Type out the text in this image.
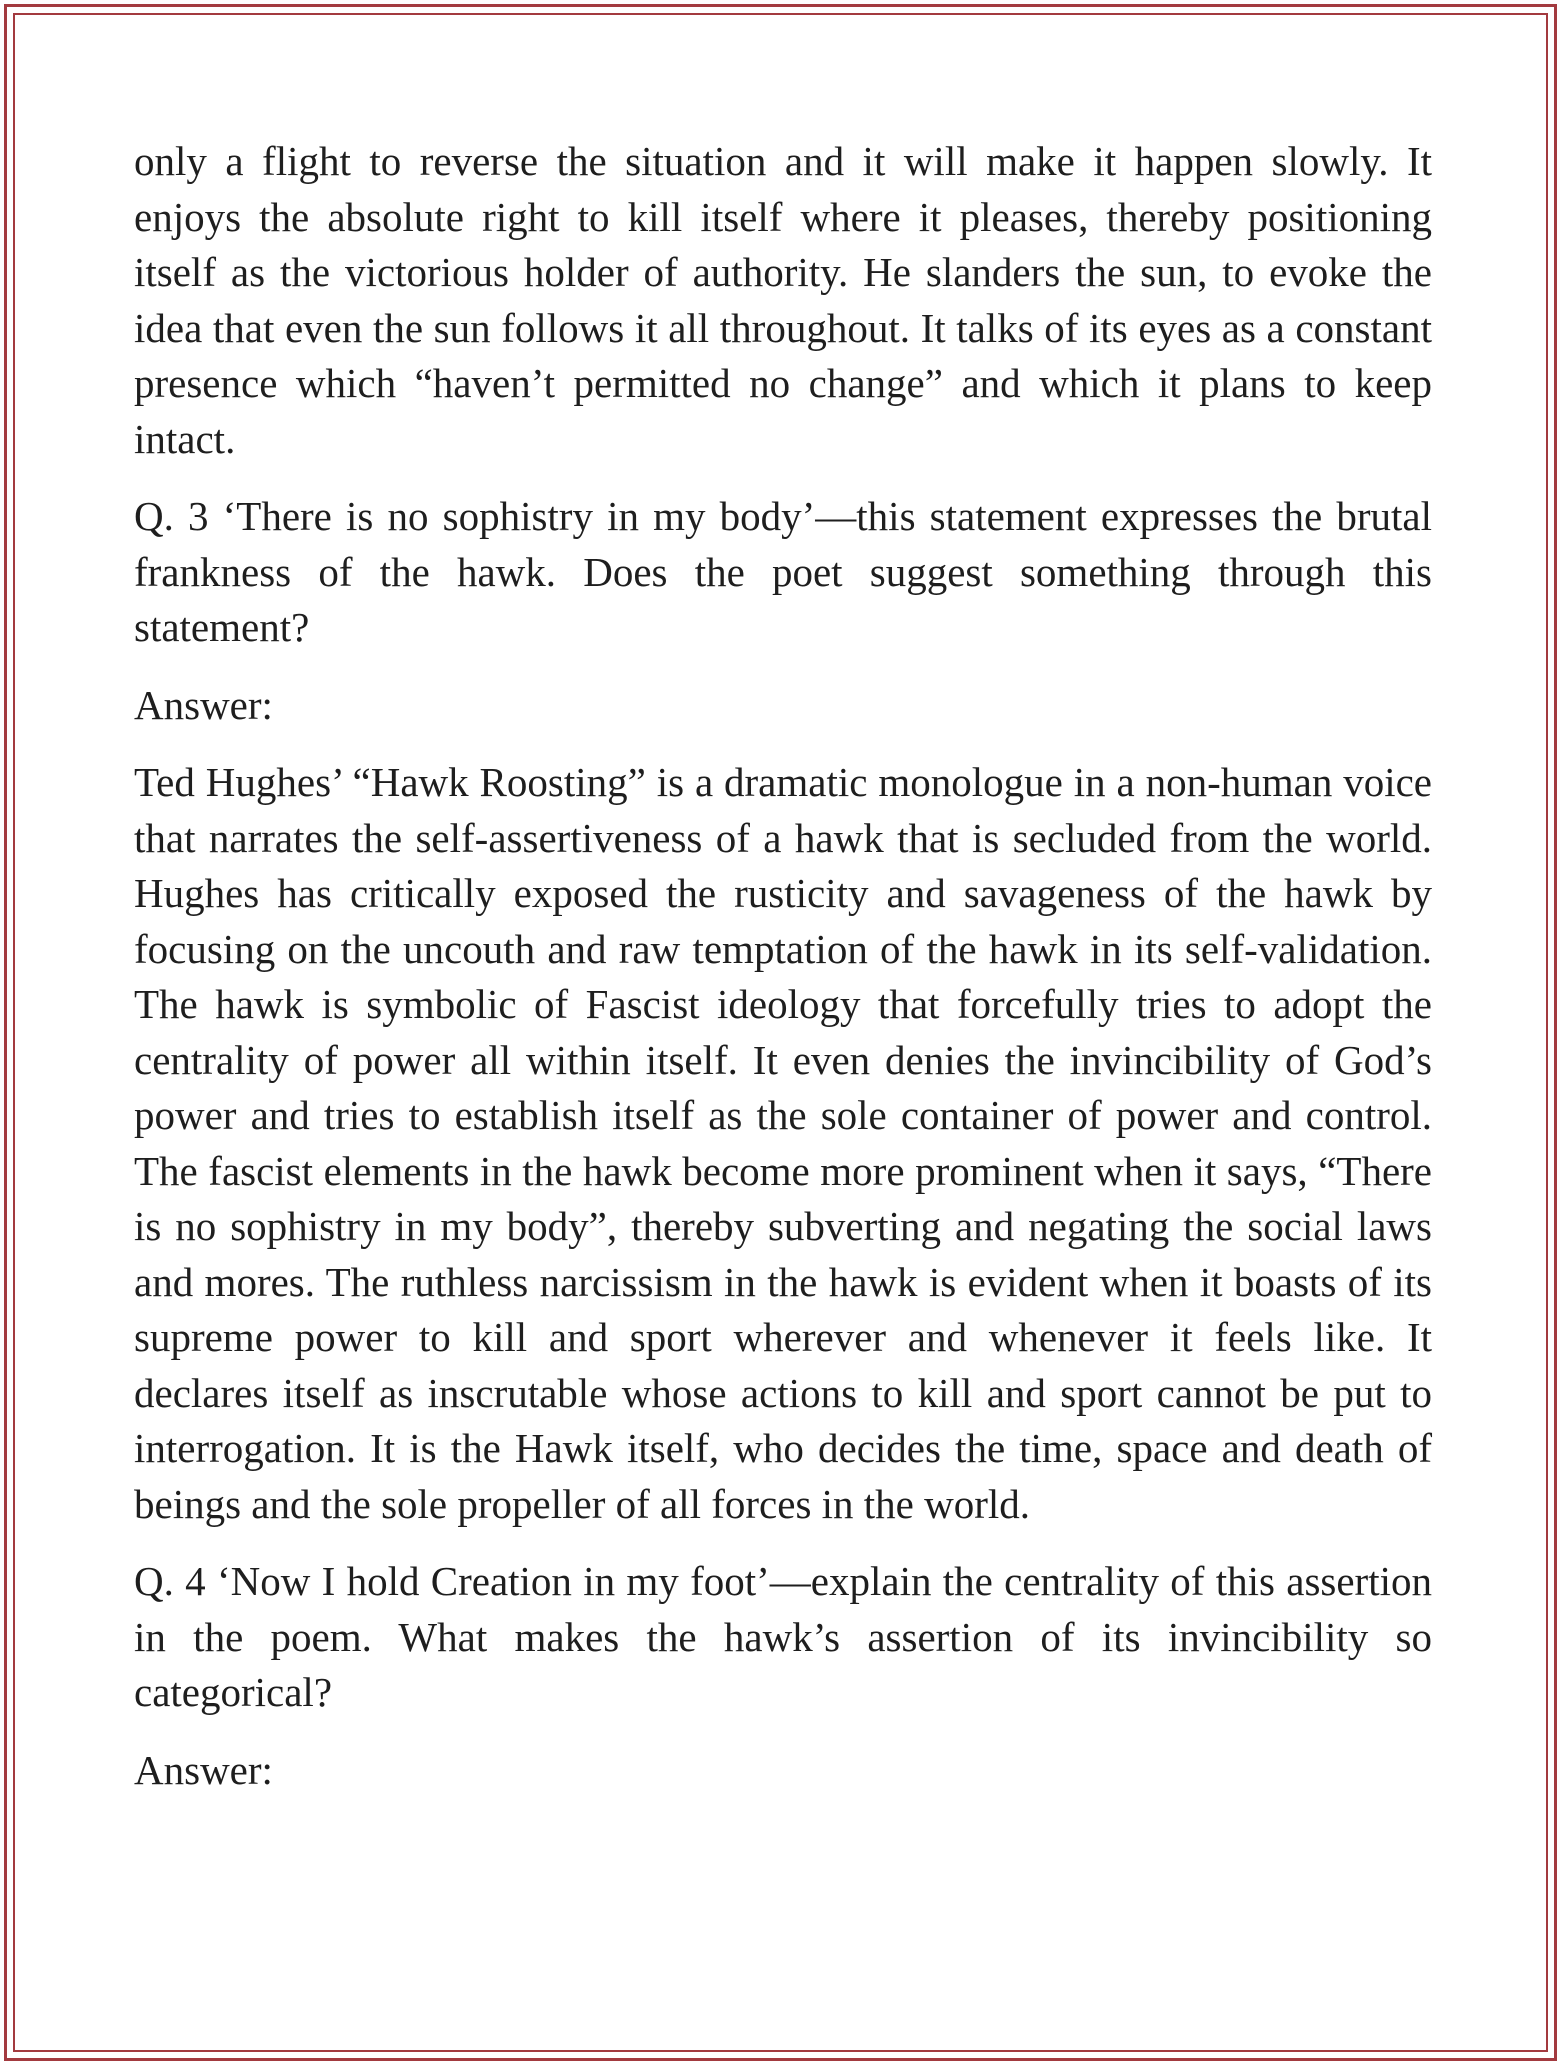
only a flight to reverse the situation and it will make it happen slowly. It enjoys the absolute right to kill itself where it pleases, thereby positioning itself as the victorious holder of authority. He slanders the sun, to evoke the idea that even the sun follows it all throughout. It talks of its eyes as a constant presence which “haven’t permitted no change” and which it plans to keep intact.

Q. 3 ‘There is no sophistry in my body’—this statement expresses the brutal frankness of the hawk. Does the poet suggest something through this statement?

Answer:

Ted Hughes’ “Hawk Roosting” is a dramatic monologue in a non-human voice that narrates the self-assertiveness of a hawk that is secluded from the world. Hughes has critically exposed the rusticity and savageness of the hawk by focusing on the uncouth and raw temptation of the hawk in its self-validation. The hawk is symbolic of Fascist ideology that forcefully tries to adopt the centrality of power all within itself. It even denies the invincibility of God’s power and tries to establish itself as the sole container of power and control. The fascist elements in the hawk become more prominent when it says, “There is no sophistry in my body”, thereby subverting and negating the social laws and mores. The ruthless narcissism in the hawk is evident when it boasts of its supreme power to kill and sport wherever and whenever it feels like. It declares itself as inscrutable whose actions to kill and sport cannot be put to interrogation. It is the Hawk itself, who decides the time, space and death of beings and the sole propeller of all forces in the world.

Q. 4 ‘Now I hold Creation in my foot’—explain the centrality of this assertion in the poem. What makes the hawk’s assertion of its invincibility so categorical?

Answer:
